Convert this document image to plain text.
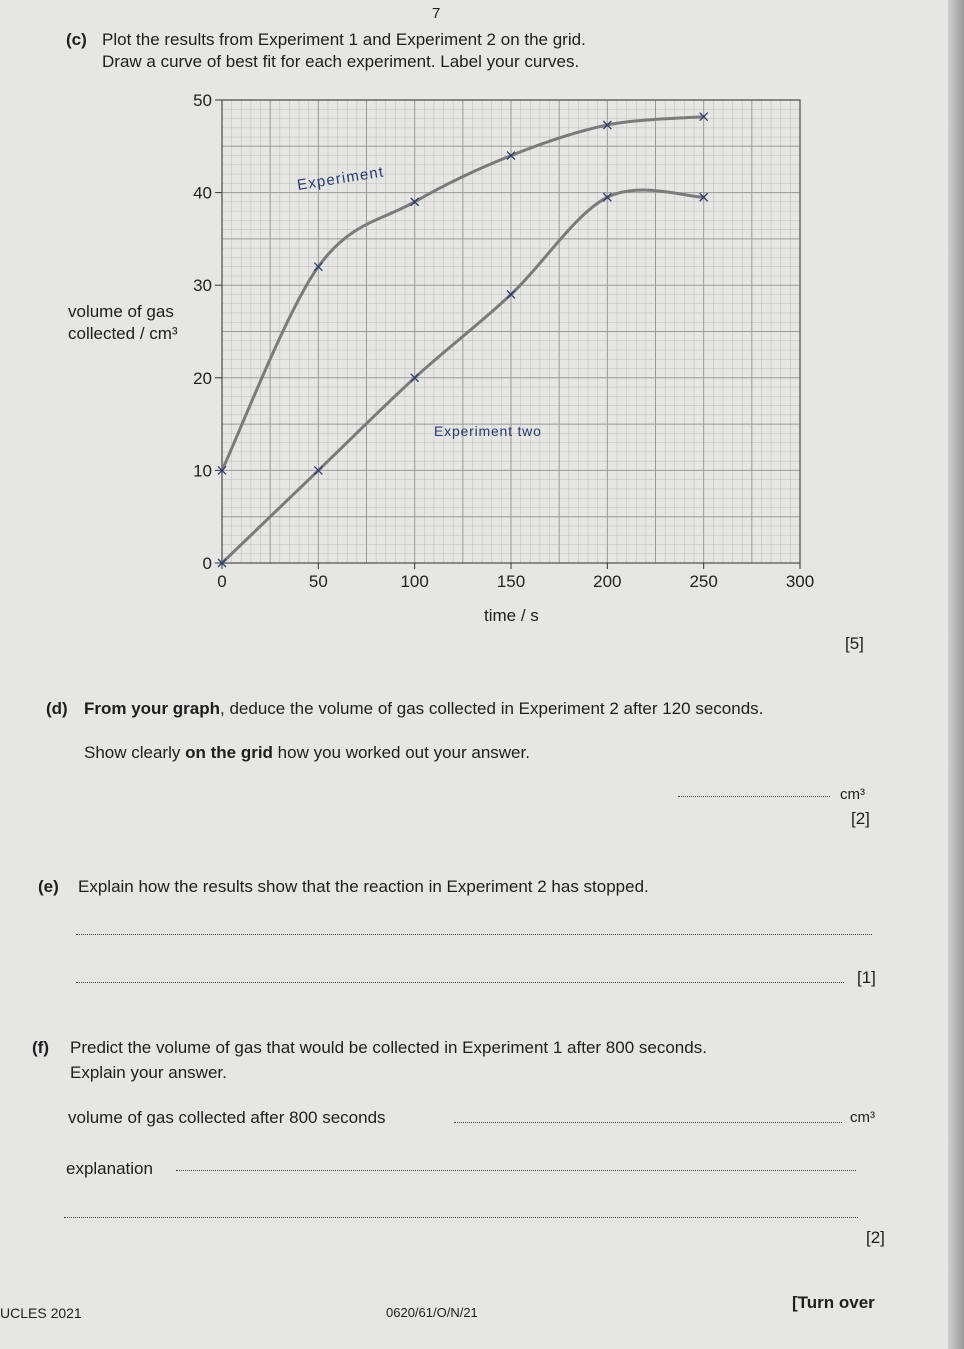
7
(c) Plot the results from Experiment 1 and Experiment 2 on the grid.
Draw a curve of best fit for each experiment. Label your curves.
volume of gas
collected / cm³
0	50	100	150	200	250	300
0
10
20
30
40
50
Experiment
Experiment two
time / s
[5]
(d) From your graph, deduce the volume of gas collected in Experiment 2 after 120 seconds.
Show clearly on the grid how you worked out your answer.
cm³
[2]
(e) Explain how the results show that the reaction in Experiment 2 has stopped.
[1]
(f) Predict the volume of gas that would be collected in Experiment 1 after 800 seconds.
Explain your answer.
volume of gas collected after 800 seconds	cm³
explanation
[2]
UCLES 2021	0620/61/O/N/21
[Turn over
